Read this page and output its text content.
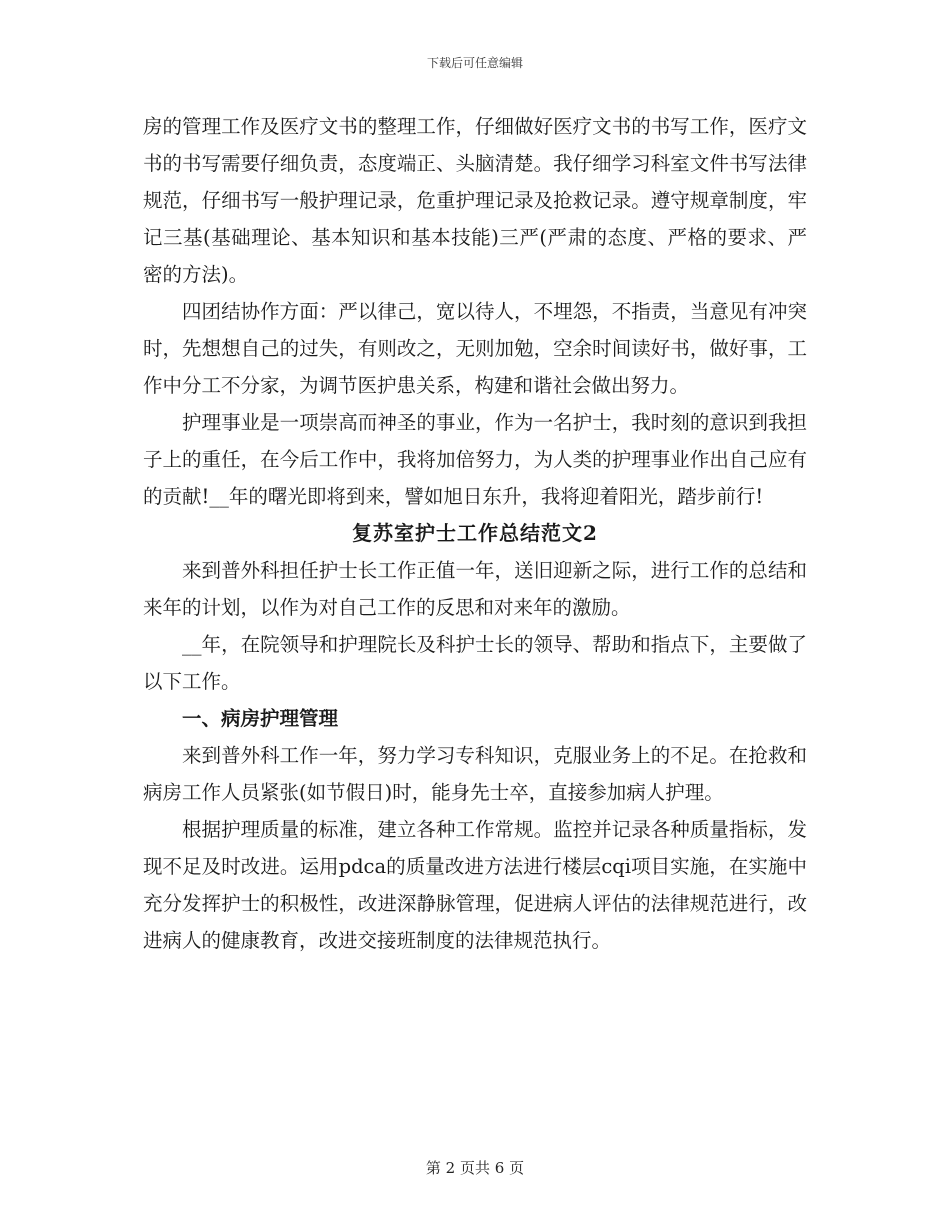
下载后可任意编辑

房的管理工作及医疗文书的整理工作，仔细做好医疗文书的书写工作，医疗文书的书写需要仔细负责，态度端正、头脑清楚。我仔细学习科室文件书写法律规范，仔细书写一般护理记录，危重护理记录及抢救记录。遵守规章制度，牢记三基(基础理论、基本知识和基本技能)三严(严肃的态度、严格的要求、严密的方法)。

四团结协作方面：严以律己，宽以待人，不埋怨，不指责，当意见有冲突时，先想想自己的过失，有则改之，无则加勉，空余时间读好书，做好事，工作中分工不分家，为调节医护患关系，构建和谐社会做出努力。

护理事业是一项崇高而神圣的事业，作为一名护士，我时刻的意识到我担子上的重任，在今后工作中，我将加倍努力，为人类的护理事业作出自己应有的贡献!__年的曙光即将到来，譬如旭日东升，我将迎着阳光，踏步前行!

复苏室护士工作总结范文2

来到普外科担任护士长工作正值一年，送旧迎新之际，进行工作的总结和来年的计划，以作为对自己工作的反思和对来年的激励。

__年，在院领导和护理院长及科护士长的领导、帮助和指点下，主要做了以下工作。

一、病房护理管理

来到普外科工作一年，努力学习专科知识，克服业务上的不足。在抢救和病房工作人员紧张(如节假日)时，能身先士卒，直接参加病人护理。

根据护理质量的标准，建立各种工作常规。监控并记录各种质量指标，发现不足及时改进。运用pdca的质量改进方法进行楼层cqi项目实施，在实施中充分发挥护士的积极性，改进深静脉管理，促进病人评估的法律规范进行，改进病人的健康教育，改进交接班制度的法律规范执行。

第 2 页共 6 页
